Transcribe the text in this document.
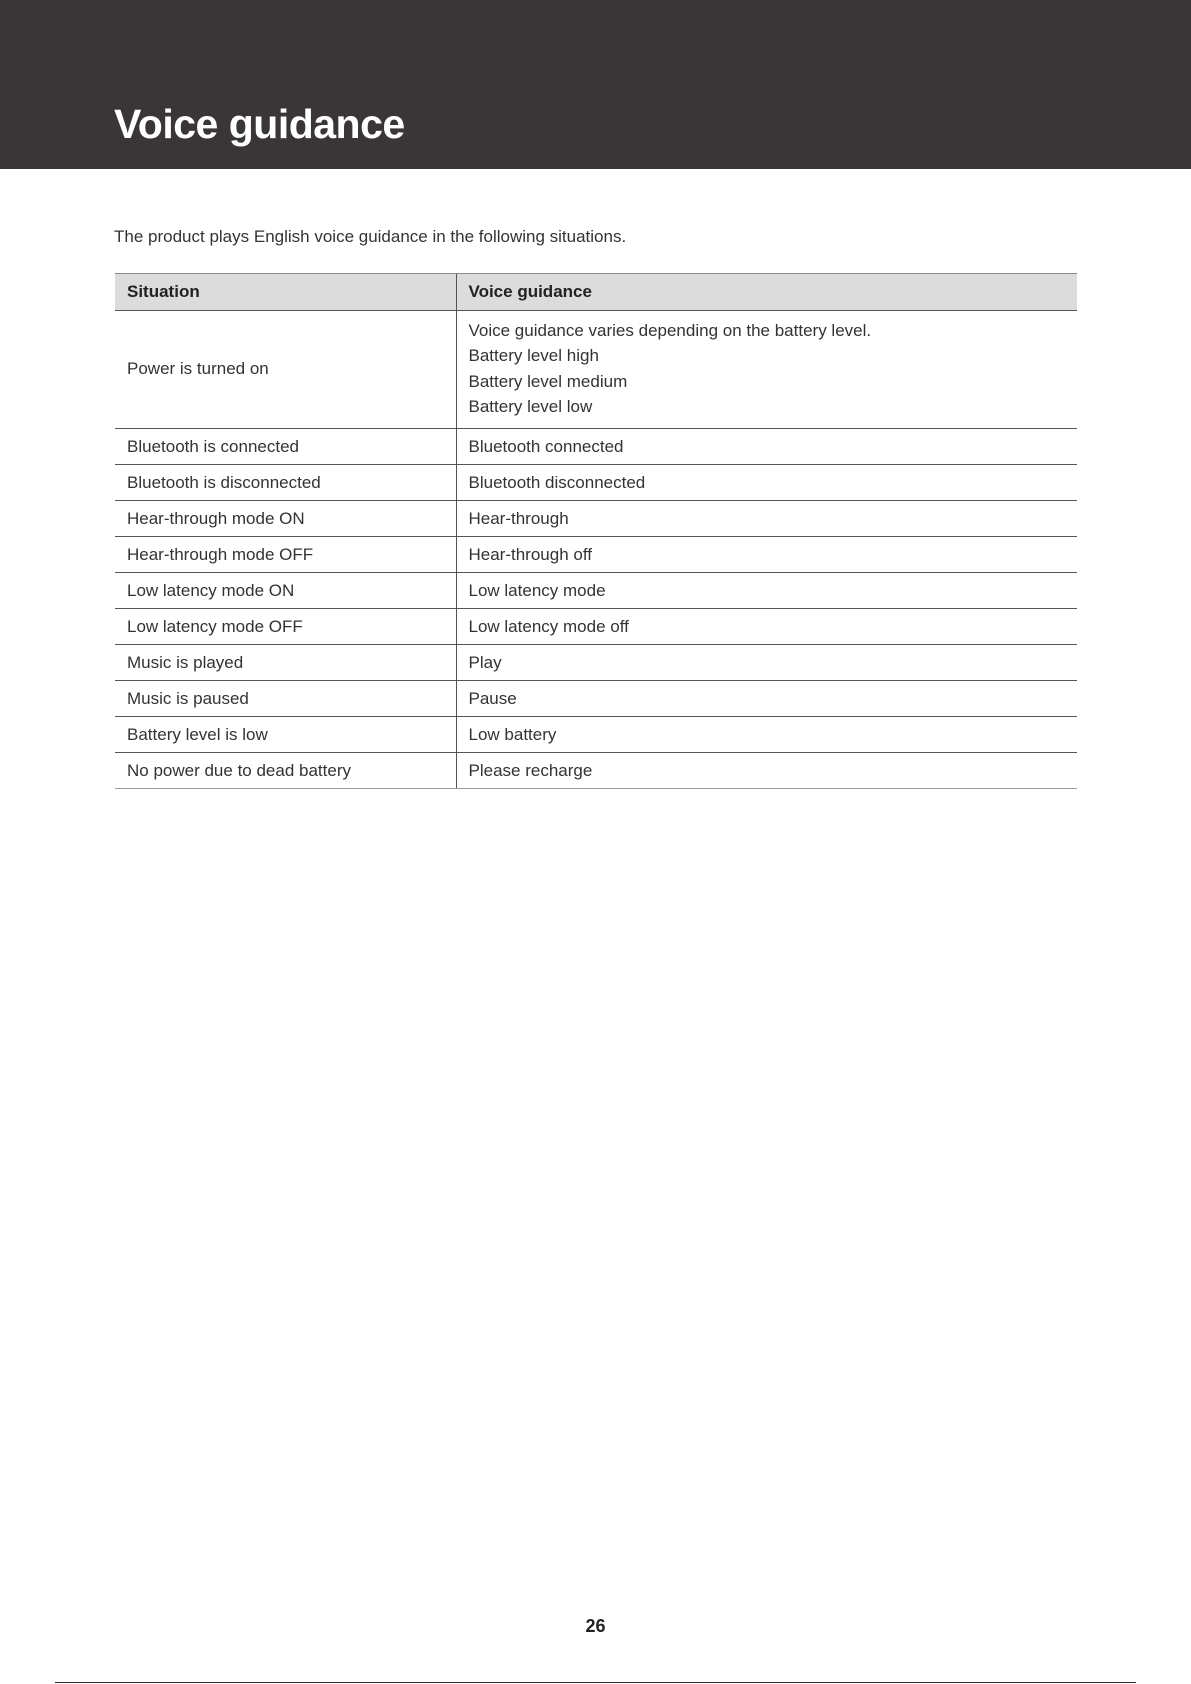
Voice guidance

The product plays English voice guidance in the following situations.

Situation	Voice guidance
Power is turned on	Voice guidance varies depending on the battery level.
Battery level high
Battery level medium
Battery level low

Bluetooth is connected	Bluetooth connected
Bluetooth is disconnected	Bluetooth disconnected
Hear-through mode ON	Hear-through
Hear-through mode OFF	Hear-through off
Low latency mode ON	Low latency mode
Low latency mode OFF	Low latency mode off
Music is played	Play
Music is paused	Pause
Battery level is low	Low battery
No power due to dead battery	Please recharge
26
